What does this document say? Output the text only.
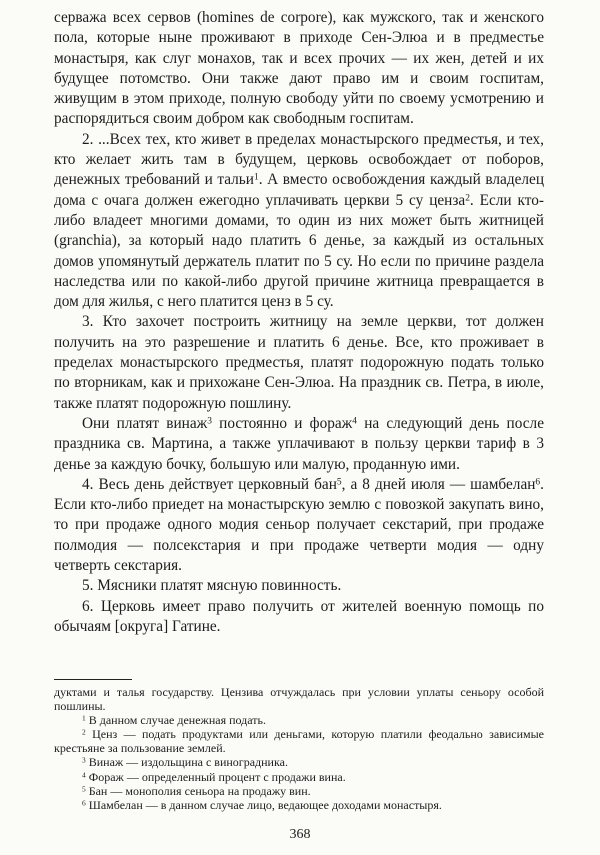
серважа всех сервов (homines de corpore), как мужского, так и женского пола, которые ныне проживают в приходе Сен-Элюа и в предместье монастыря, как слуг монахов, так и всех прочих — их жен, детей и их будущее потомство. Они также дают право им и своим госпитам, живущим в этом приходе, полную свободу уйти по своему усмотрению и распорядиться своим добром как свободным госпитам.

2. ...Всех тех, кто живет в пределах монастырского предместья, и тех, кто желает жить там в будущем, церковь освобождает от поборов, денежных требований и тальи$^1$. А вместо освобождения каждый владелец дома с очага должен ежегодно уплачивать церкви 5 су ценза$^2$. Если кто-либо владеет многими домами, то один из них может быть житницей (granchia), за который надо платить 6 денье, за каждый из остальных домов упомянутый держатель платит по 5 су. Но если по причине раздела наследства или по какой-либо другой причине житница превращается в дом для жилья, с него платится ценз в 5 су.

3. Кто захочет построить житницу на земле церкви, тот должен получить на это разрешение и платить 6 денье. Все, кто проживает в пределах монастырского предместья, платят подорожную подать только по вторникам, как и прихожане Сен-Элюа. На праздник св. Петра, в июле, также платят подорожную пошлину.

Они платят винаж$^3$ постоянно и фораж$^4$ на следующий день после праздника св. Мартина, а также уплачивают в пользу церкви тариф в 3 денье за каждую бочку, большую или малую, проданную ими.

4. Весь день действует церковный бан$^5$, а 8 дней июля — шамбелан$^6$. Если кто-либо приедет на монастырскую землю с повозкой закупать вино, то при продаже одного модия сеньор получает секстарий, при продаже полмодия — полсекстария и при продаже четверти модия — одну четверть секстария.

5. Мясники платят мясную повинность.

6. Церковь имеет право получить от жителей военную помощь по обычаям [округа] Гатине.

дуктами и талья государству. Цензива отчуждалась при условии уплаты сеньору особой пошлины.

$^1$ В данном случае денежная подать.

$^2$ Ценз — подать продуктами или деньгами, которую платили феодально зависимые крестьяне за пользование землей.

$^3$ Винаж — издольщина с виноградника.

$^4$ Фораж — определенный процент с продажи вина.

$^5$ Бан — монополия сеньора на продажу вин.

$^6$ Шамбелан — в данном случае лицо, ведающее доходами монастыря.

368
